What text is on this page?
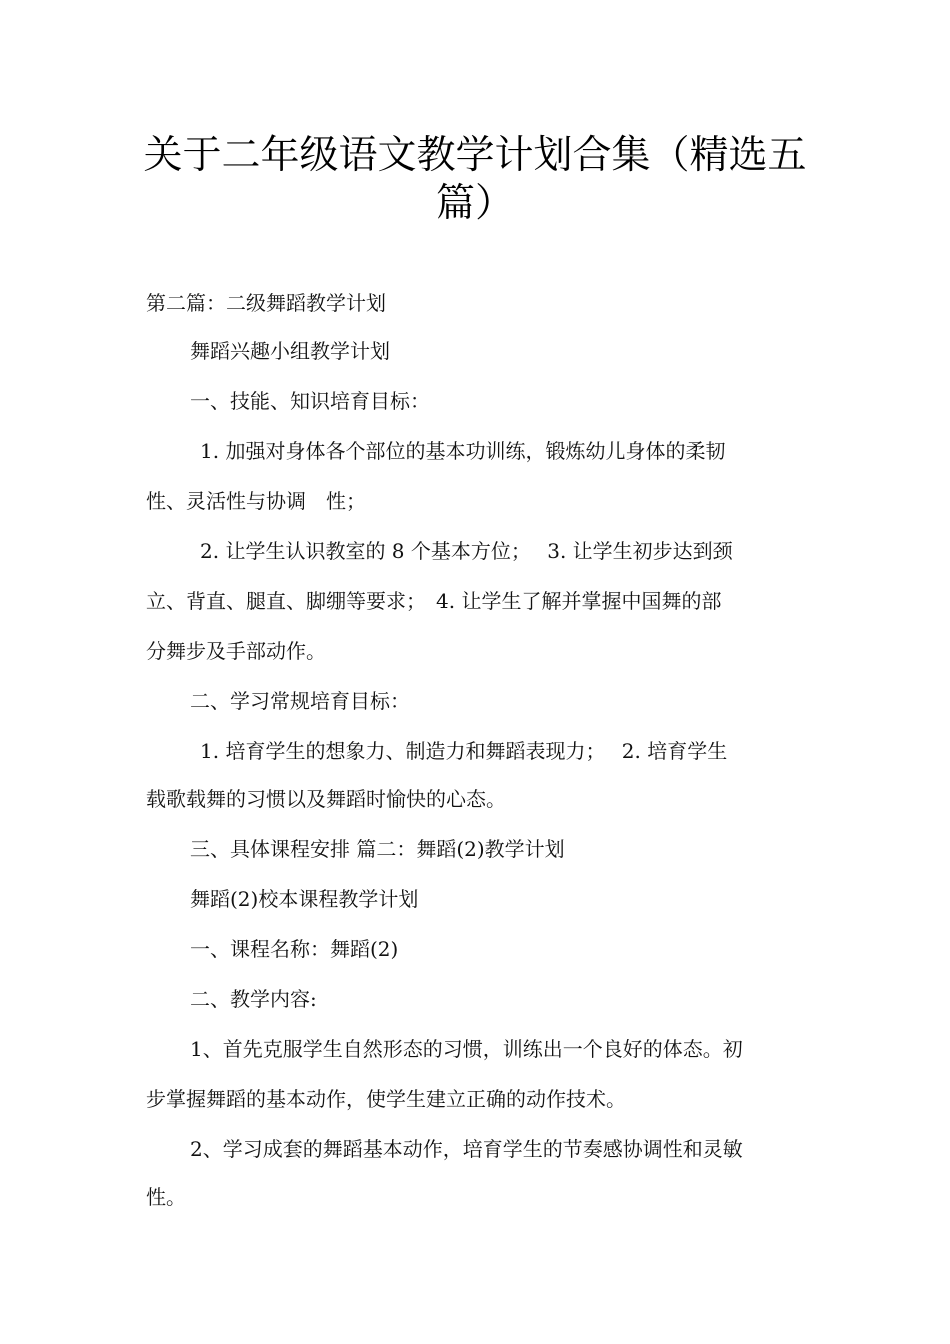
关于二年级语文教学计划合集（精选五
篇）
第二篇：二级舞蹈教学计划
舞蹈兴趣小组教学计划
一、技能、知识培育目标：
1. 加强对身体各个部位的基本功训练，锻炼幼儿身体的柔韧
性、灵活性与协调　性；
2. 让学生认识教室的 8 个基本方位；　 3. 让学生初步达到颈
立、背直、腿直、脚绷等要求；　4. 让学生了解并掌握中国舞的部
分舞步及手部动作。
二、学习常规培育目标：
1. 培育学生的想象力、制造力和舞蹈表现力；　 2. 培育学生
载歌载舞的习惯以及舞蹈时愉快的心态。
三、具体课程安排 篇二：舞蹈(2)教学计划
舞蹈(2)校本课程教学计划
一、课程名称：舞蹈(2)
二、教学内容:
1、首先克服学生自然形态的习惯，训练出一个良好的体态。初
步掌握舞蹈的基本动作，使学生建立正确的动作技术。
2、学习成套的舞蹈基本动作，培育学生的节奏感协调性和灵敏
性。
